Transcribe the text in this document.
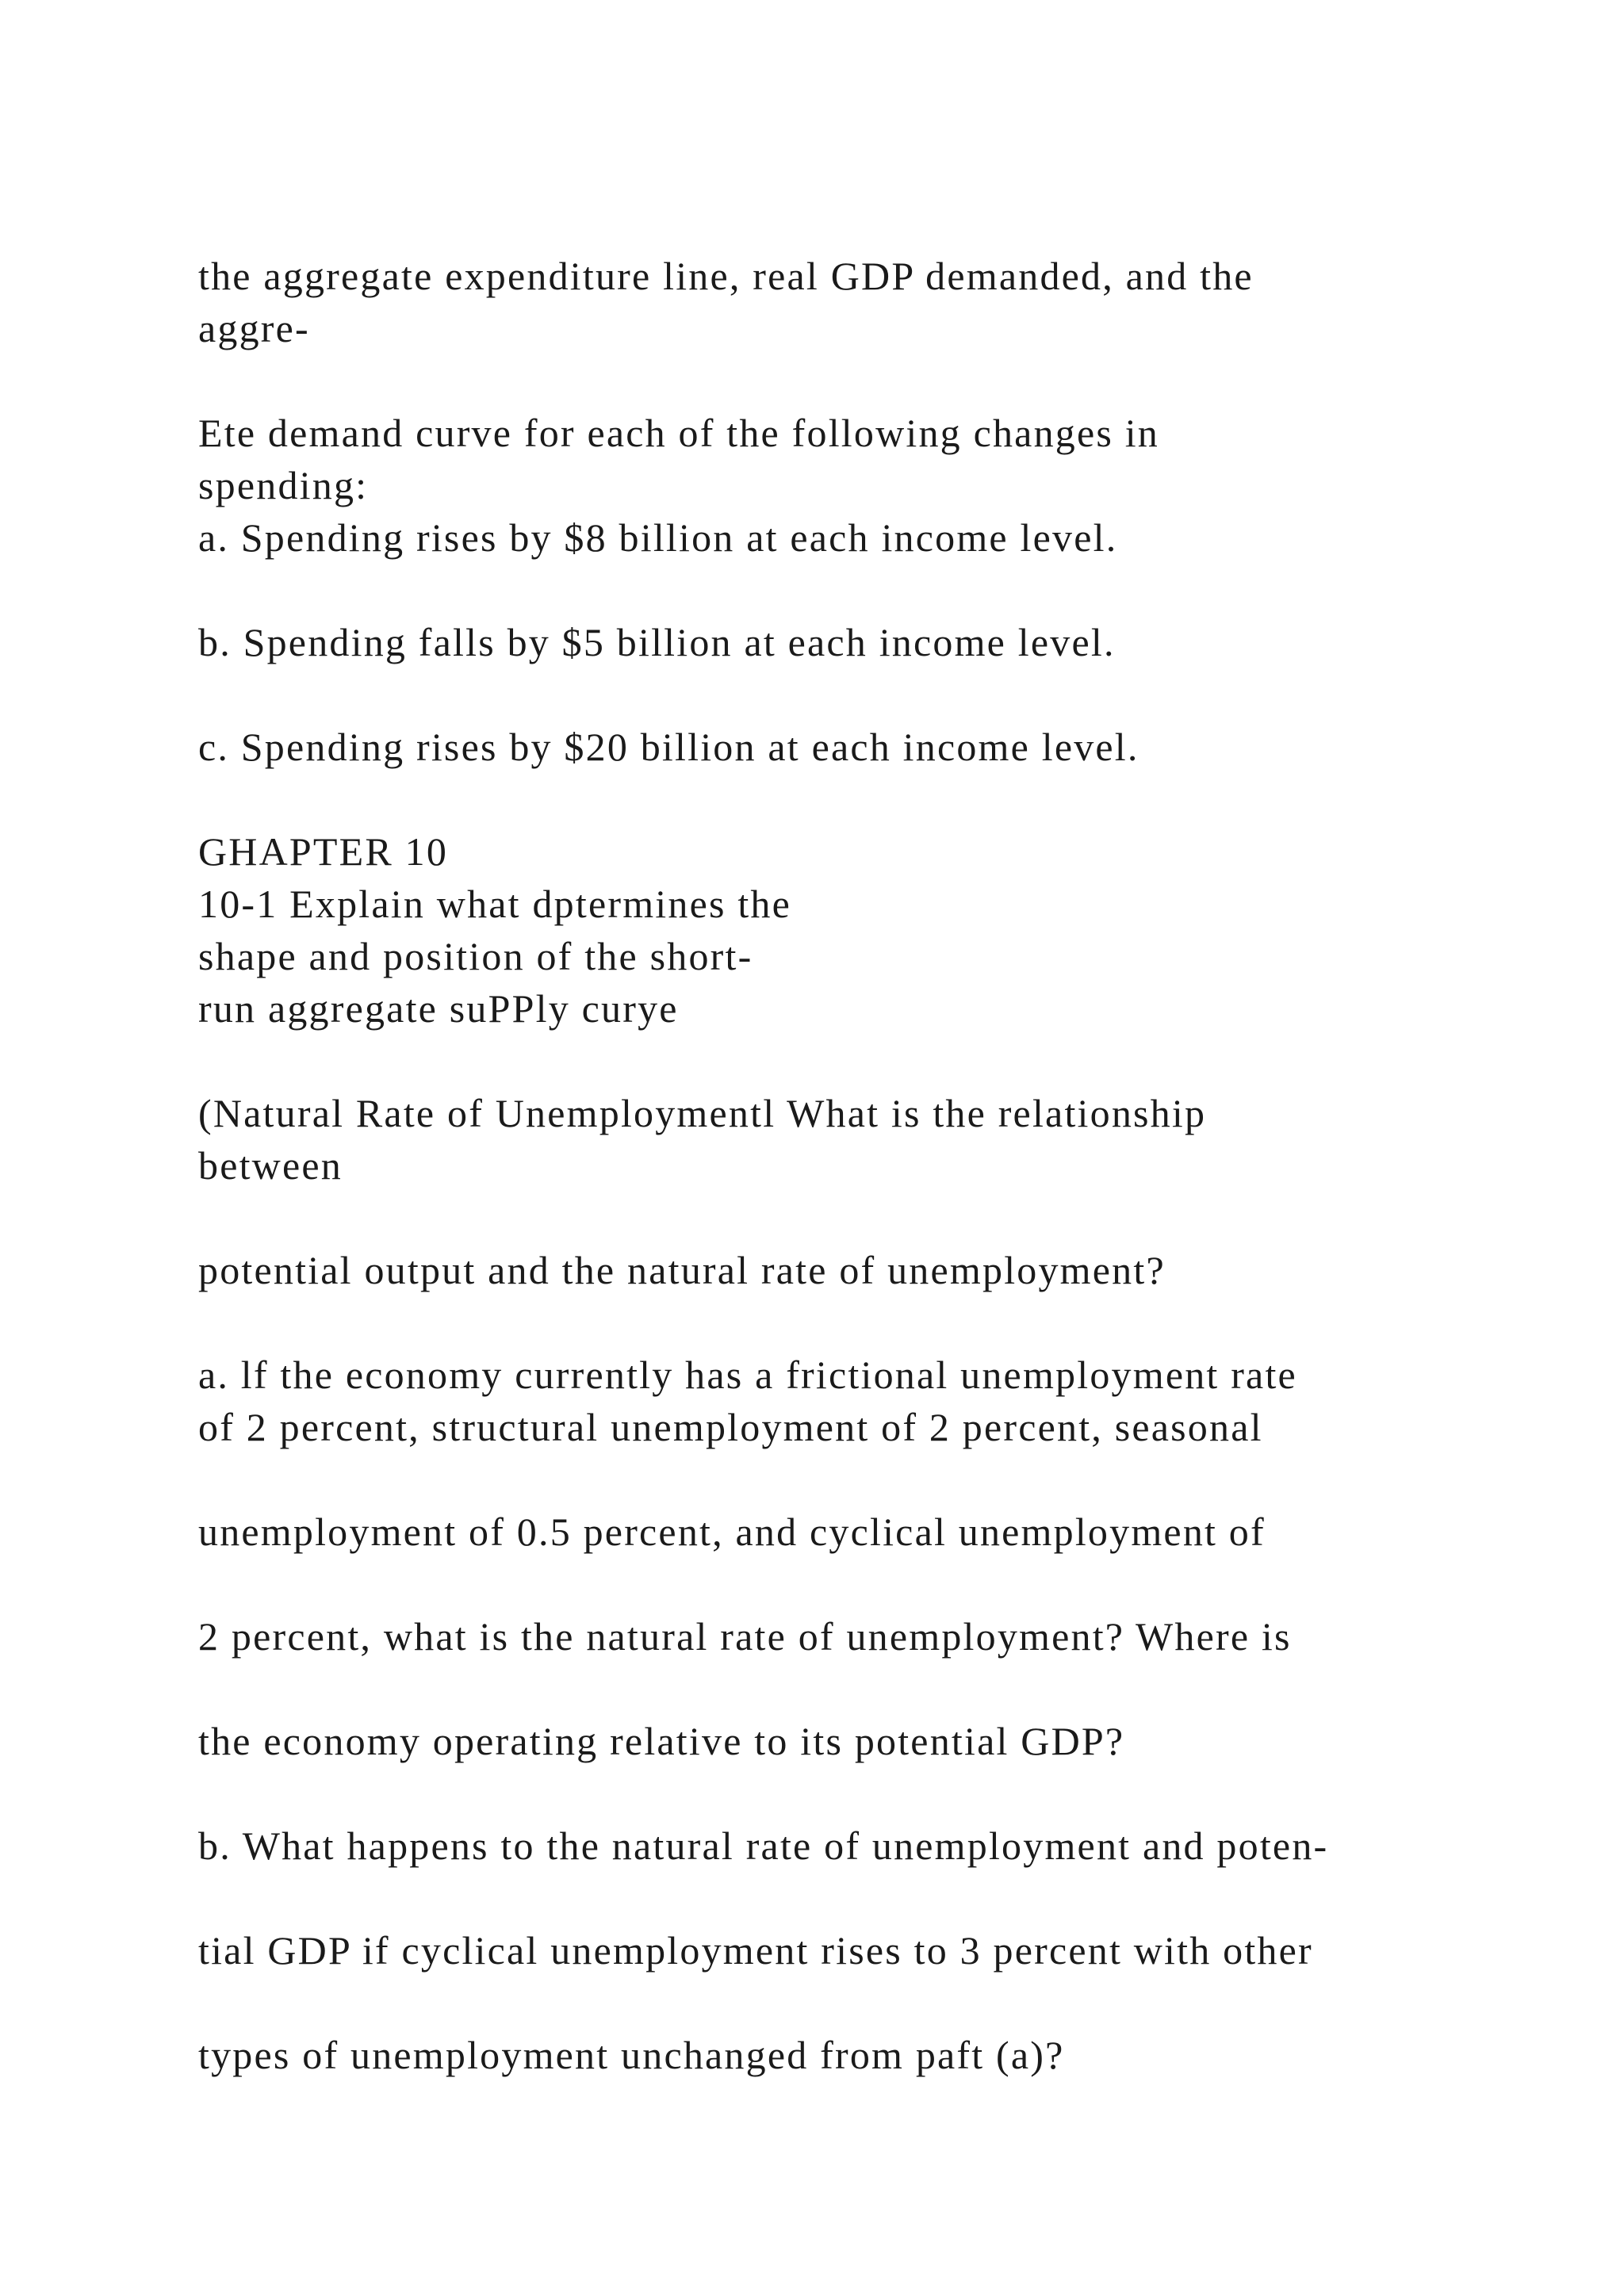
the aggregate expenditure line, real GDP demanded, and the

aggre-

Ete demand curve for each of the following changes in

spending:

a. Spending rises by $8 billion at each income level.

b. Spending falls by $5 billion at each income level.

c. Spending rises by $20 billion at each income level.

GHAPTER 10

10-1 Explain what dptermines the

shape and position of the short-

run aggregate suPPly curye

(Natural Rate of Unemploymentl What is the relationship

between

potential output and the natural rate of unemployment?

a. lf the economy currently has a frictional unemployment rate

of 2 percent, structural unemployment of 2 percent, seasonal

unemployment of 0.5 percent, and cyclical unemployment of

2 percent, what is the natural rate of unemployment? Where is

the economy operating relative to its potential GDP?

b. What happens to the natural rate of unemployment and poten-

tial GDP if cyclical unemployment rises to 3 percent with other

types of unemployment unchanged from paft (a)?
